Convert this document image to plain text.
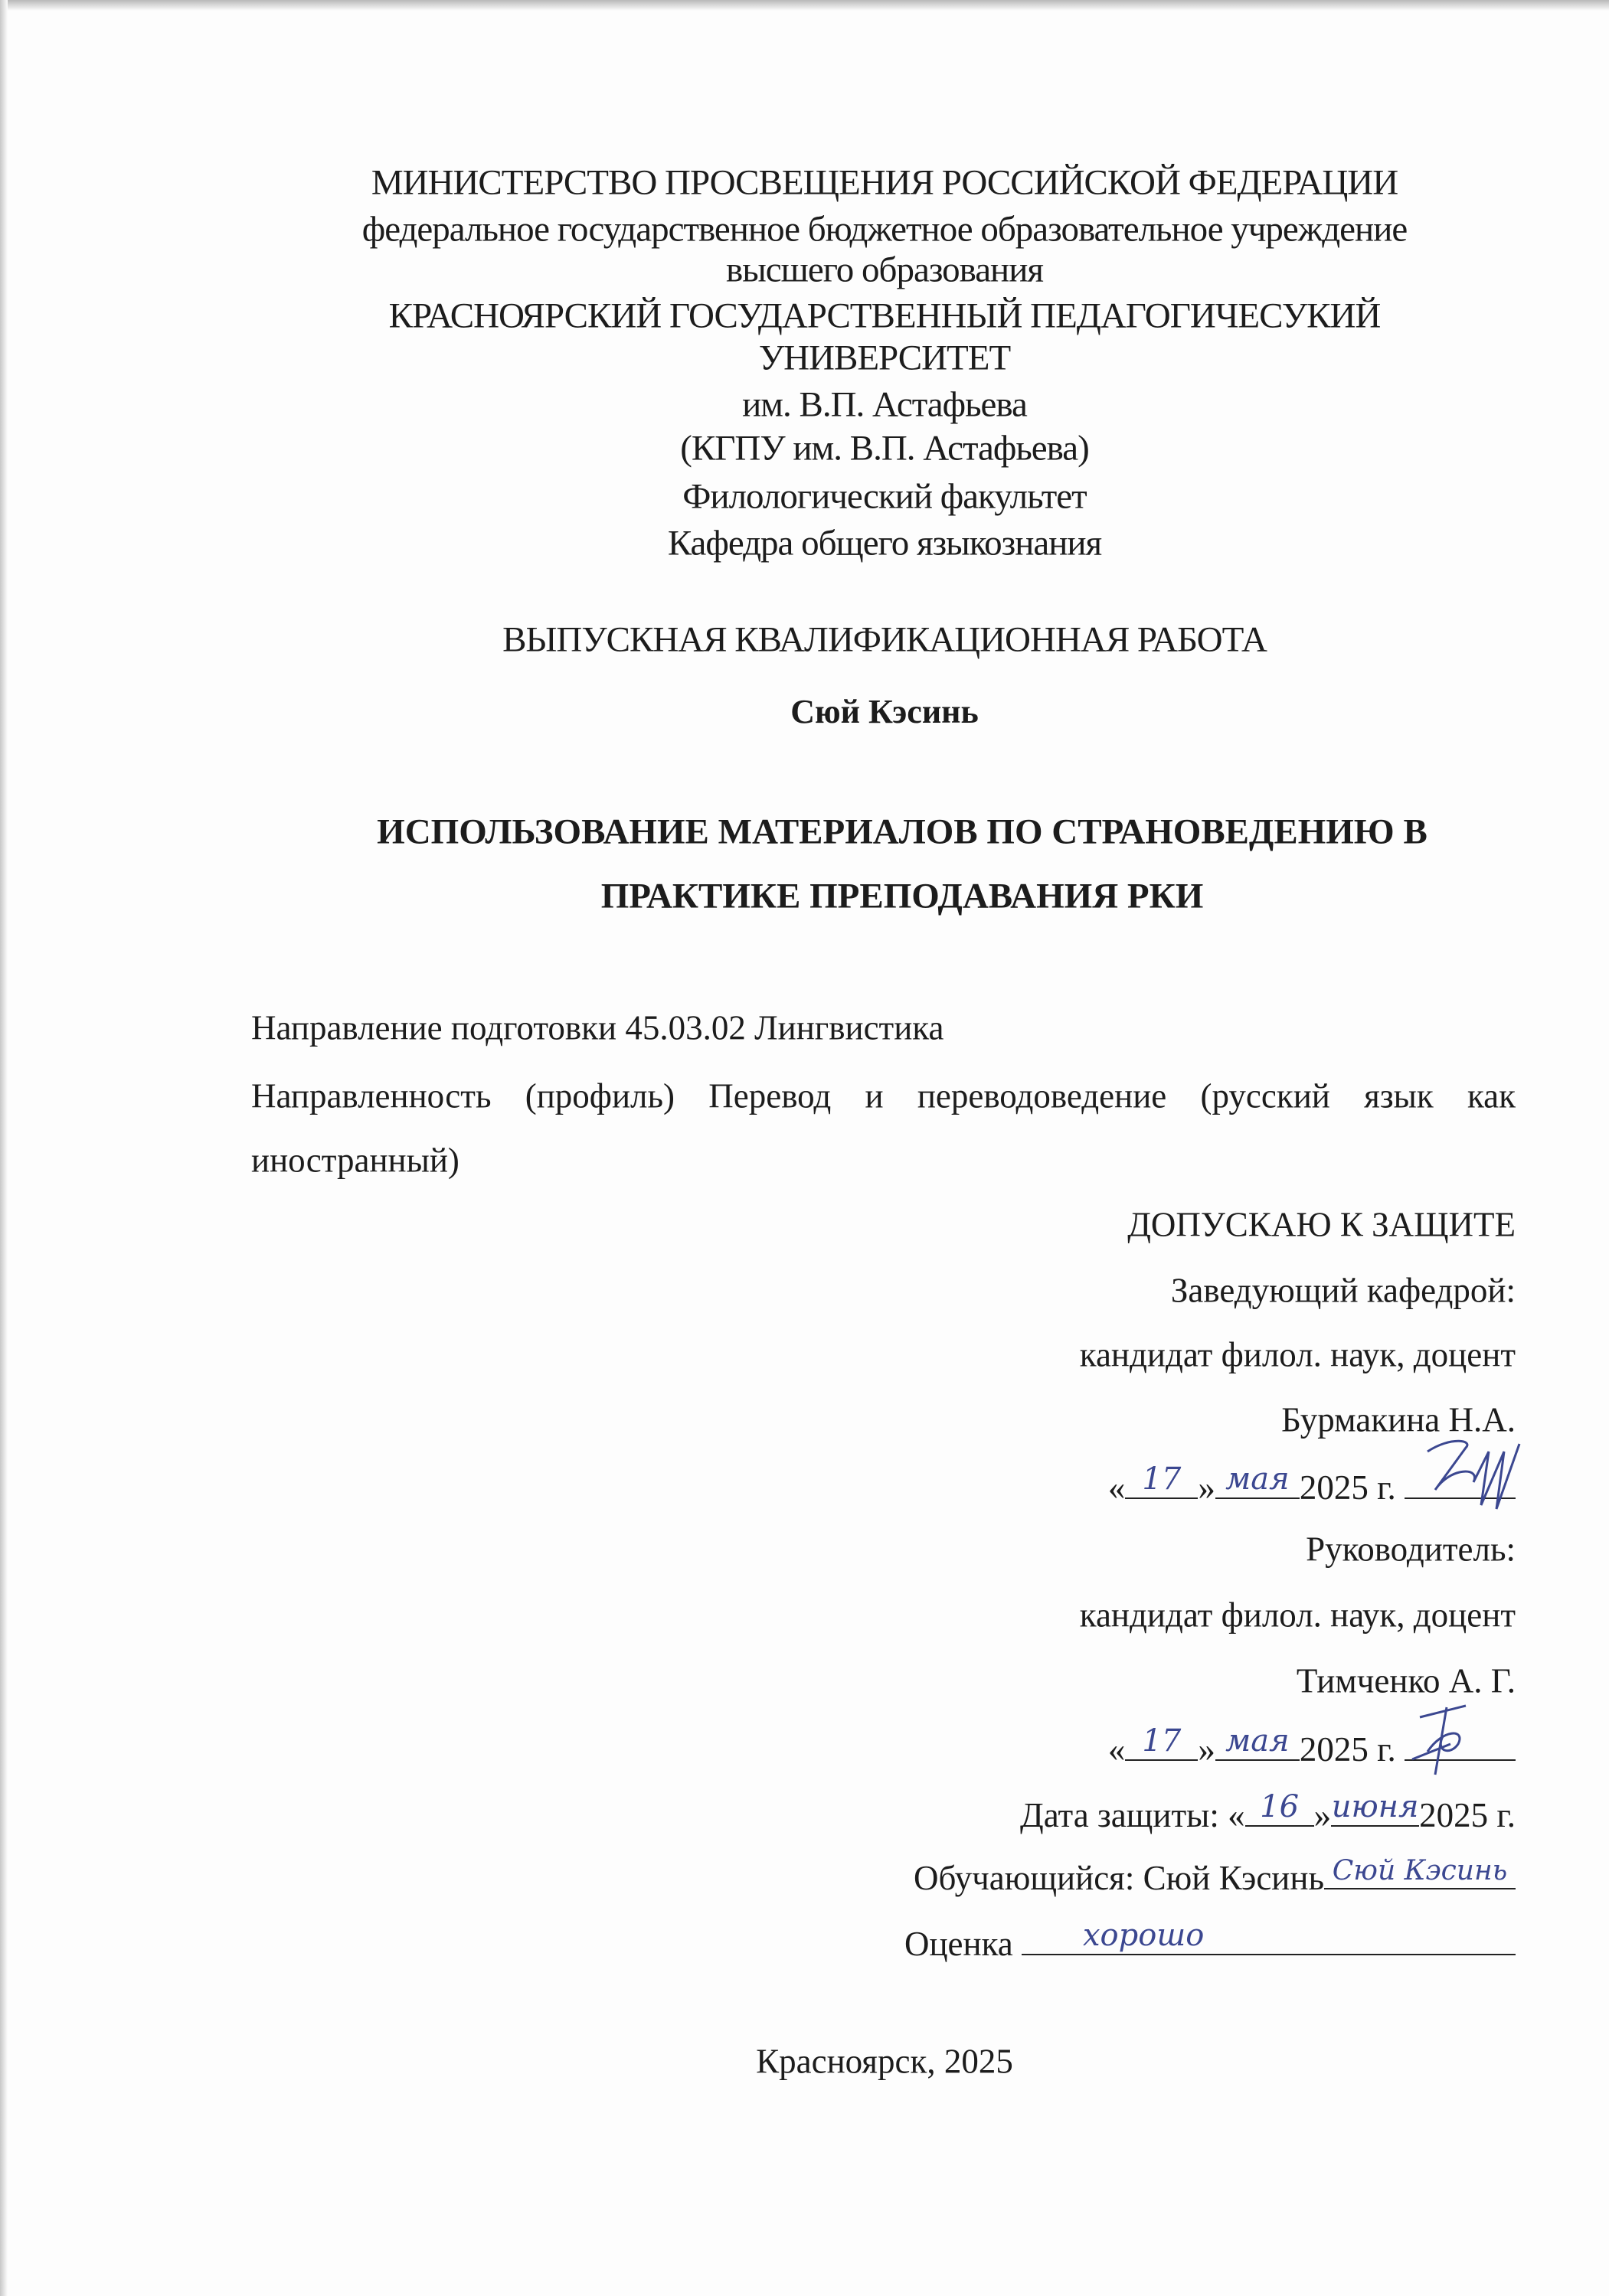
МИНИСТЕРСТВО ПРОСВЕЩЕНИЯ РОССИЙСКОЙ ФЕДЕРАЦИИ
федеральное государственное бюджетное образовательное учреждение
высшего образования
КРАСНОЯРСКИЙ ГОСУДАРСТВЕННЫЙ ПЕДАГОГИЧЕСУКИЙ
УНИВЕРСИТЕТ
им. В.П. Астафьева
(КГПУ им. В.П. Астафьева)
Филологический факультет
Кафедра общего языкознания
ВЫПУСКНАЯ КВАЛИФИКАЦИОННАЯ РАБОТА
Сюй Кэсинь
ИСПОЛЬЗОВАНИЕ МАТЕРИАЛОВ ПО СТРАНОВЕДЕНИЮ В
ПРАКТИКЕ ПРЕПОДАВАНИЯ РКИ
Направление подготовки 45.03.02 Лингвистика
Направленность (профиль) Перевод и переводоведение (русский язык как
иностранный)
ДОПУСКАЮ К ЗАЩИТЕ
Заведующий кафедрой:
кандидат филол. наук, доцент
Бурмакина Н.А.
« 17 » мая 2025 г.
Руководитель:
кандидат филол. наук, доцент
Тимченко А. Г.
« 17 » мая 2025 г.
Дата защиты: « 16 » июня 2025 г.
Обучающийся: Сюй Кэсинь Сюй Кэсинь
Оценка хорошо
Красноярск, 2025
